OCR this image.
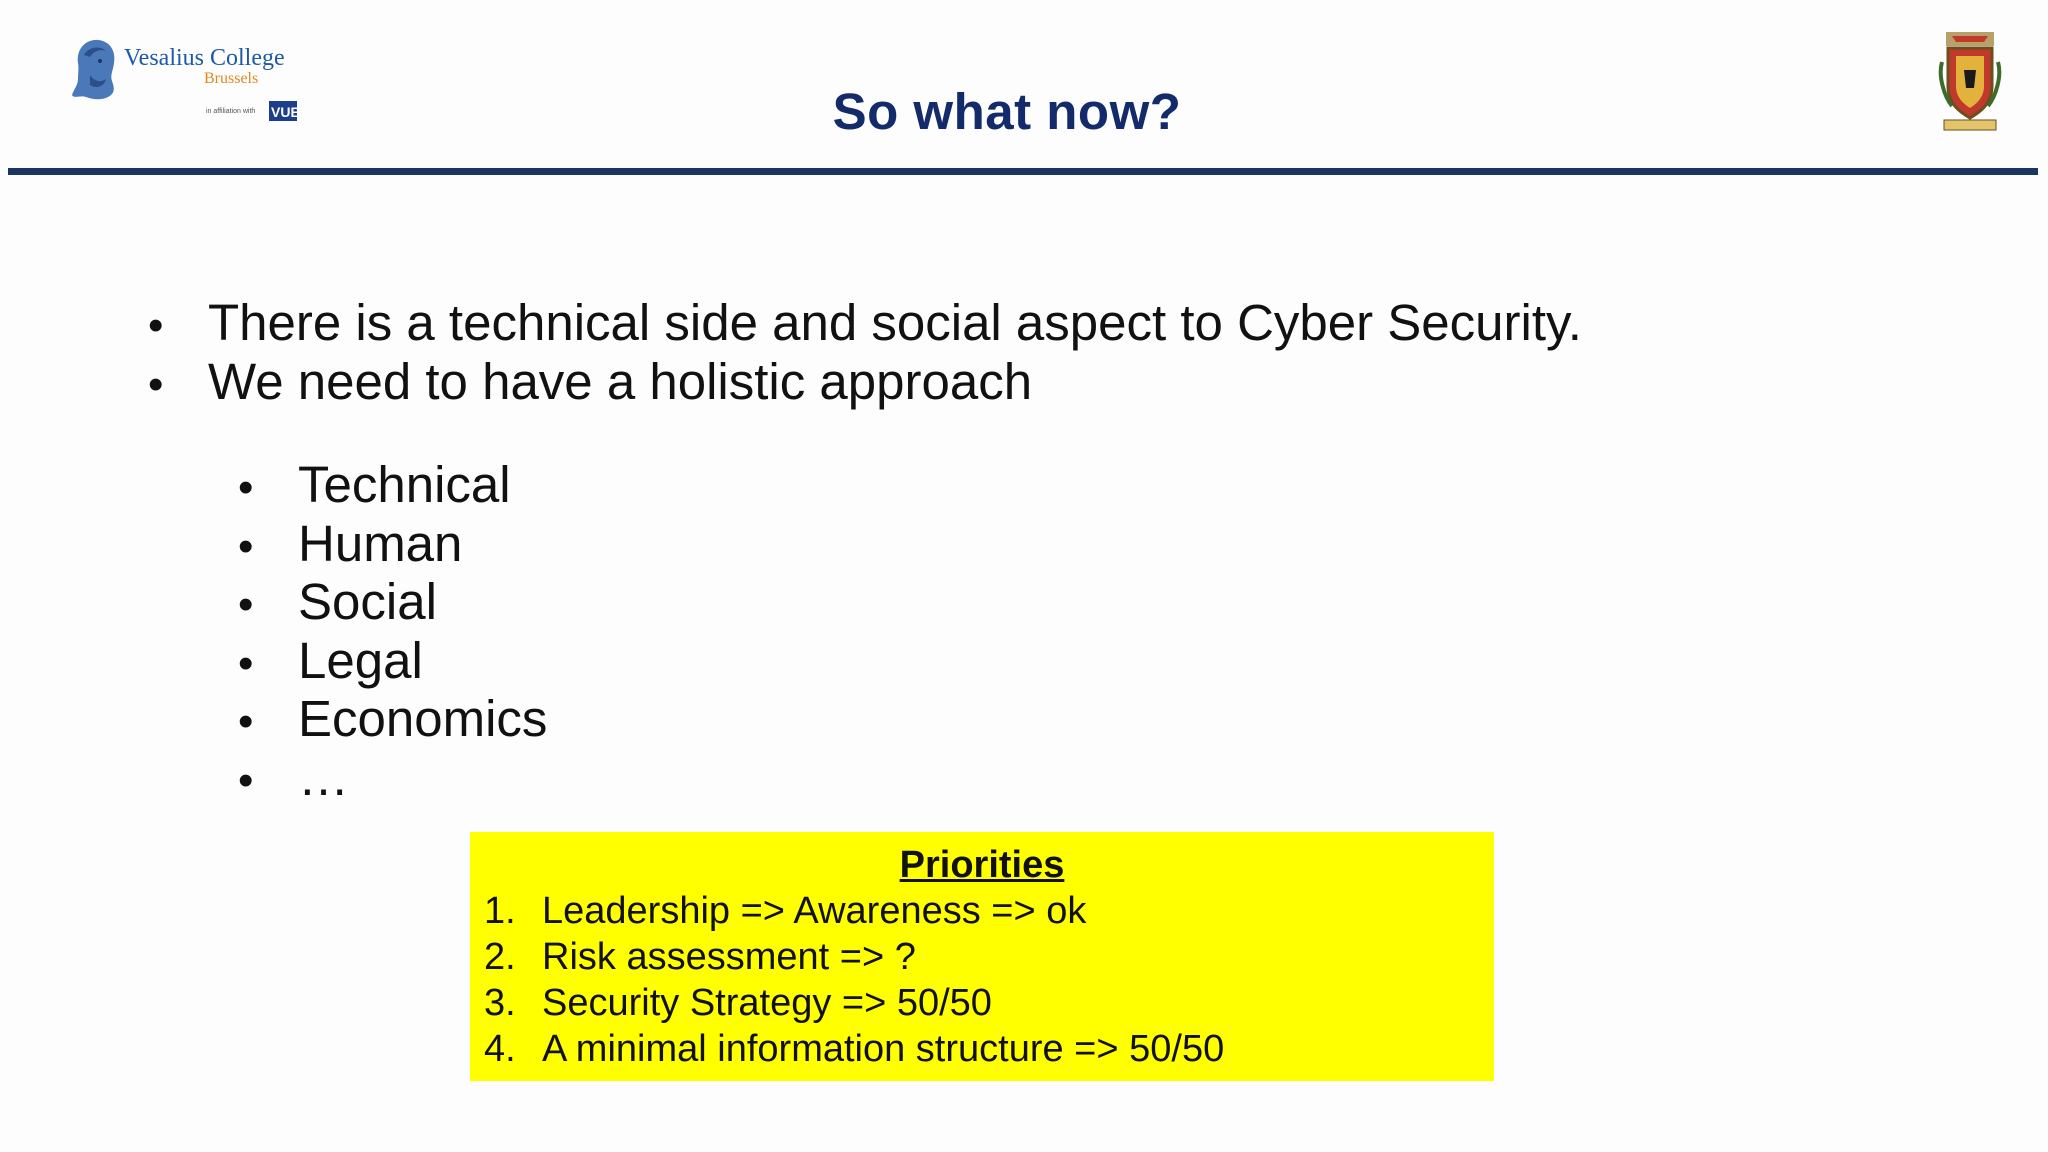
Vesalius College
Brussels
in affiliation with VUB	So what now?
• There is a technical side and social aspect to Cyber Security.
• We need to have a holistic approach
• Technical
• Human
• Social
• Legal
• Economics
• …
Priorities
1. Leadership => Awareness => ok
2. Risk assessment => ?
3. Security Strategy => 50/50
4. A minimal information structure => 50/50
